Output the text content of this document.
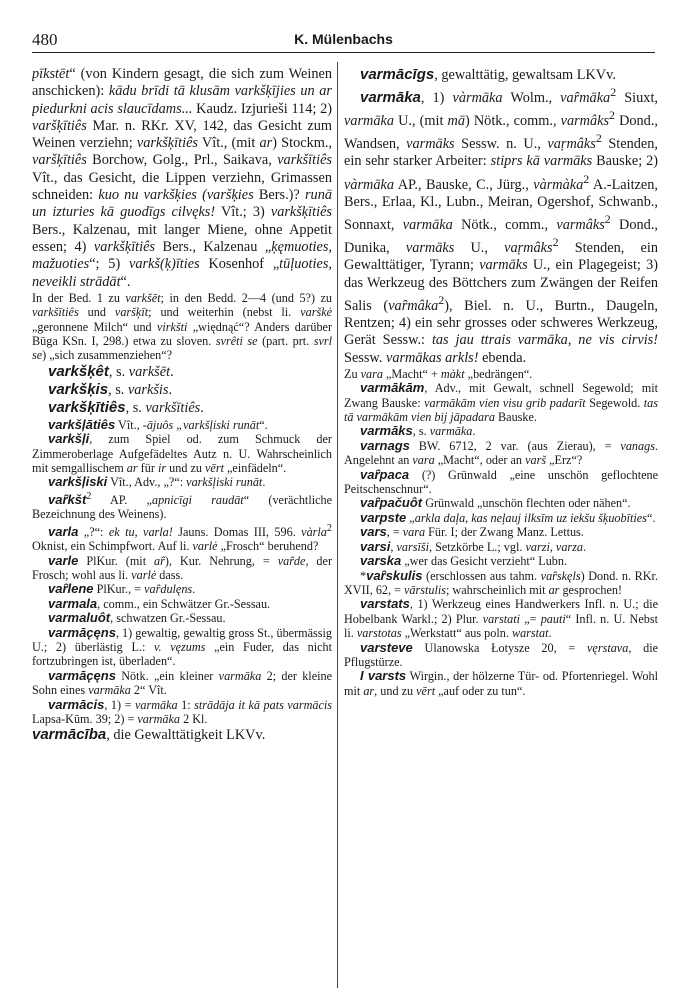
480	K. Mülenbachs

pīkstēt“ (von Kindern gesagt, die sich zum Weinen anschicken): kādu brīdi tā klusām varkšķījies un ar piedurkni acis slaucīdams... Kaudz. Izjurieši 114; 2) varšķītiês Mar. n. RKr. XV, 142, das Gesicht zum Weinen verziehn; varkšķītiês Vît., (mit ar) Stockm., varšķītiês Borchow, Golg., Prl., Saikava, varkšītiês Vît., das Gesicht, die Lippen verziehn, Grimassen schneiden: kuo nu varkšķies (varšķies Bers.)? runā un izturies kā guodīgs cilvęks! Vît.; 3) varkšķītiês Bers., Kalzenau, mit langer Miene, ohne Appetit essen; 4) varkšķītiês Bers., Kalzenau „ķęmuoties, mažuoties“; 5) varkš(ķ)īties Kosenhof „tūļuoties, neveikli strādāt“.

In der Bed. 1 zu varkšēt; in den Bedd. 2—4 (und 5?) zu varkšītiês und varšķīt; und weiterhin (nebst li. varškė „geronnene Milch“ und virkšti „więdnąć“? Anders darüber Būga KSn. I, 298.) etwa zu sloven. svrêti se (part. prt. svrl se) „sich zusammenziehen“?

varkšķêt, s. varkšēt.

varkšķis, s. varkšis.

varkšķītiês, s. varkšītiês.

varkšļātiês Vît., -ājuôs „varkšļiski runāt“.

varkšļi, zum Spiel od. zum Schmuck der Zimmeroberlage Aufgefädeltes Autz n. U. Wahrscheinlich mit semgallischem ar für ir und zu vērt „einfädeln“.

varkšļiski Vît., Adv., „?“: varkšļiski runāt.

vaȓkšt$^2$ AP. „apnicīgi raudāt“ (verächtliche Bezeichnung des Weinens).

varla „?“: ek tu, varla! Jauns. Domas III, 596. vàrla$^2$ Oknist, ein Schimpfwort. Auf li. varlė „Frosch“ beruhend?

varle PlKur. (mit aȓ), Kur. Nehrung, = vaȓde, der Frosch; wohl aus li. varlė dass.

vaȓlene PlKur., = vaȓdulęns.

varmala, comm., ein Schwätzer Gr.-Sessau.

varmaluôt, schwatzen Gr.-Sessau.

varmāc̨ęns, 1) gewaltig, gewaltig gross St., übermässig U.; 2) überlästig L.: v. vęzums „ein Fuder, das nicht fortzubringen ist, überladen“.

varmāc̨ęns Nötk. „ein kleiner varmāka 2; der kleine Sohn eines varmāka 2“ Vît.

varmācis, 1) = varmāka 1: strādāja it kā pats varmācis Lapsa-Kūm. 39; 2) = varmāka 2 Kl.

varmācība, die Gewalttätigkeit LKVv.

varmācīgs, gewalttätig, gewaltsam LKVv.

varmāka, 1) vàrmāka Wolm., vaȓmāka$^2$ Siuxt, varmāka U., (mit mā) Nötk., comm., varmâks$^2$ Dond., Wandsen, varmāks Sessw. n. U., vaŗmâks$^2$ Stenden, ein sehr starker Arbeiter: stiprs kā varmāks Bauske; 2) vàrmāka AP., Bauske, C., Jürg., vàrmàka$^2$ A.-Laitzen, Bers., Erlaa, Kl., Lubn., Meiran, Ogershof, Schwanb., Sonnaxt, varmāka Nötk., comm., varmâks$^2$ Dond., Dunika, varmāks U., vaŗmâks$^2$ Stenden, ein Gewalttätiger, Tyrann; varmāks U., ein Plagegeist; 3) das Werkzeug des Böttchers zum Zwängen der Reifen Salis (vaȓmâka$^2$), Biel. n. U., Burtn., Daugeln, Rentzen; 4) ein sehr grosses oder schweres Werkzeug, Gerät Sessw.: tas jau ttrais varmāka, ne vis cirvis! Sessw. varmākas arkls! ebenda.

Zu vara „Macht“ + màkt „bedrängen“.

varmākām, Adv., mit Gewalt, schnell Segewold; mit Zwang Bauske: varmākām vien visu grib padarīt Segewold. tas tā varmākām vien bij jāpadara Bauske.

varmāks, s. varmāka.

varnags BW. 6712, 2 var. (aus Zierau), = vanags. Angelehnt an vara „Macht“, oder an varš „Erz“?

vaȓpaca (?) Grünwald „eine unschön geflochtene Peitschenschnur“.

vaȓpačuôt Grünwald „unschön flechten oder nähen“.

varpste „arkla daļa, kas neļauj ilksīm uz iekšu šķuobīties“.

vars, = vara Für. I; der Zwang Manz. Lettus.

varsi, varsīši, Setzkörbe L.; vgl. varzi, varza.

varska „wer das Gesicht verzieht“ Lubn.

*vaȓskulis (erschlossen aus tahm. vaȓskęls) Dond. n. RKr. XVII, 62, = vārstulis; wahrscheinlich mit ar gesprochen!

varstats, 1) Werkzeug eines Handwerkers Infl. n. U.; die Hobelbank Warkl.; 2) Plur. varstati „= pauti“ Infl. n. U. Nebst li. varstotas „Werkstatt“ aus poln. warstat.

varsteve Ulanowska Łotysze 20, = vęrstava, die Pflugstürze.

I varsts Wirgin., der hölzerne Tür- od. Pfortenriegel. Wohl mit ar, und zu vērt „auf oder zu tun“.
